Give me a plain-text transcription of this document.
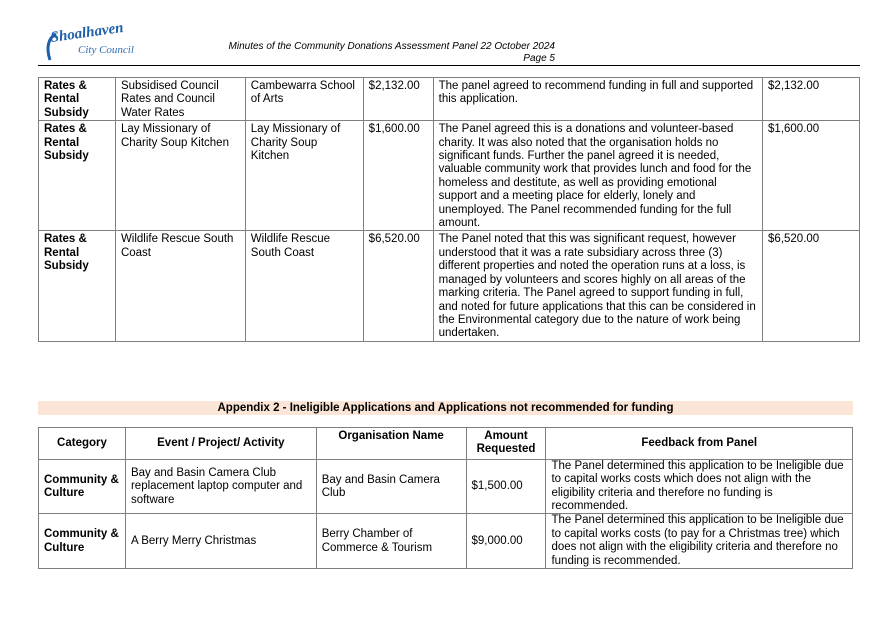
Shoalhaven
City Council	Minutes of the Community Donations Assessment Panel 22 October 2024
Page 5
Rates & Rental Subsidy	Subsidised Council Rates and Council Water Rates	Cambewarra School of Arts	$2,132.00	The panel agreed to recommend funding in full and supported this application.	$2,132.00
Rates & Rental Subsidy	Lay Missionary of Charity Soup Kitchen	Lay Missionary of Charity Soup Kitchen	$1,600.00	The Panel agreed this is a donations and volunteer-based charity. It was also noted that the organisation holds no significant funds. Further the panel agreed it is needed, valuable community work that provides lunch and food for the homeless and destitute, as well as providing emotional support and a meeting place for elderly, lonely and unemployed. The Panel recommended funding for the full amount.	$1,600.00
Rates & Rental Subsidy	Wildlife Rescue South Coast	Wildlife Rescue South Coast	$6,520.00	The Panel noted that this was significant request, however understood that it was a rate subsidiary across three (3) different properties and noted the operation runs at a loss, is managed by volunteers and scores highly on all areas of the marking criteria. The Panel agreed to support funding in full, and noted for future applications that this can be considered in the Environmental category due to the nature of work being undertaken.	$6,520.00
Appendix 2 - Ineligible Applications and Applications not recommended for funding
Category	Event / Project/ Activity	Organisation Name	Amount Requested	Feedback from Panel
Community & Culture	Bay and Basin Camera Club replacement laptop computer and software	Bay and Basin Camera Club	$1,500.00	The Panel determined this application to be Ineligible due to capital works costs which does not align with the eligibility criteria and therefore no funding is recommended.
Community & Culture	A Berry Merry Christmas	Berry Chamber of Commerce & Tourism	$9,000.00	The Panel determined this application to be Ineligible due to capital works costs (to pay for a Christmas tree) which does not align with the eligibility criteria and therefore no funding is recommended.
